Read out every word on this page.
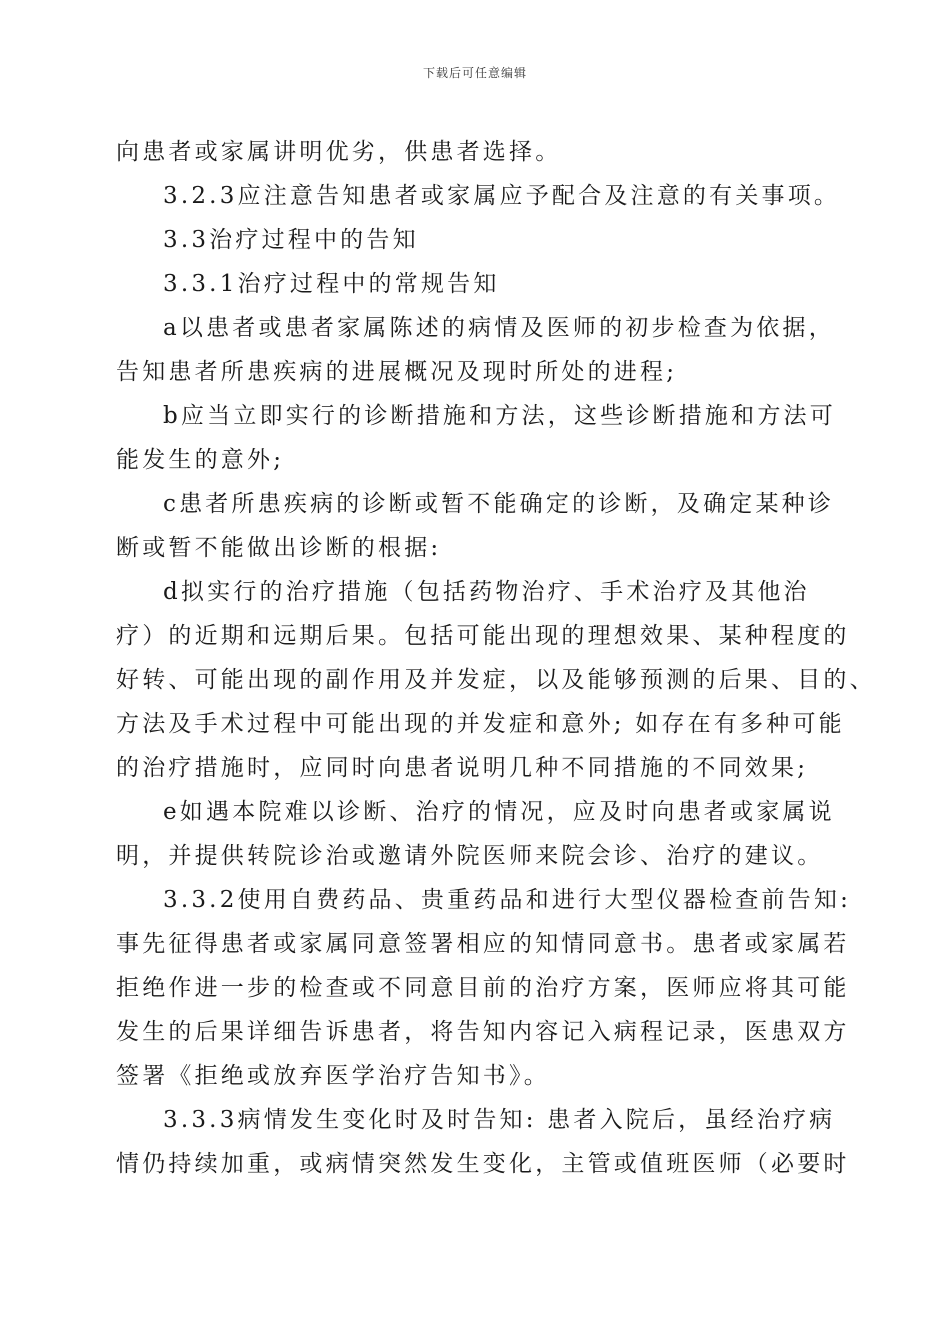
下载后可任意编辑
向患者或家属讲明优劣，供患者选择。
3.2.3应注意告知患者或家属应予配合及注意的有关事项。
3.3治疗过程中的告知
3.3.1治疗过程中的常规告知
a以患者或患者家属陈述的病情及医师的初步检查为依据，
告知患者所患疾病的进展概况及现时所处的进程;
b应当立即实行的诊断措施和方法，这些诊断措施和方法可
能发生的意外;
c患者所患疾病的诊断或暂不能确定的诊断，及确定某种诊
断或暂不能做出诊断的根据:
d拟实行的治疗措施（包括药物治疗、手术治疗及其他治
疗）的近期和远期后果。包括可能出现的理想效果、某种程度的
好转、可能出现的副作用及并发症，以及能够预测的后果、目的、
方法及手术过程中可能出现的并发症和意外; 如存在有多种可能
的治疗措施时，应同时向患者说明几种不同措施的不同效果;
e如遇本院难以诊断、治疗的情况，应及时向患者或家属说
明，并提供转院诊治或邀请外院医师来院会诊、治疗的建议。
3.3.2使用自费药品、贵重药品和进行大型仪器检查前告知:
事先征得患者或家属同意签署相应的知情同意书。患者或家属若
拒绝作进一步的检查或不同意目前的治疗方案，医师应将其可能
发生的后果详细告诉患者，将告知内容记入病程记录，医患双方
签署《拒绝或放弃医学治疗告知书》。
3.3.3病情发生变化时及时告知: 患者入院后，虽经治疗病
情仍持续加重，或病情突然发生变化，主管或值班医师（必要时
